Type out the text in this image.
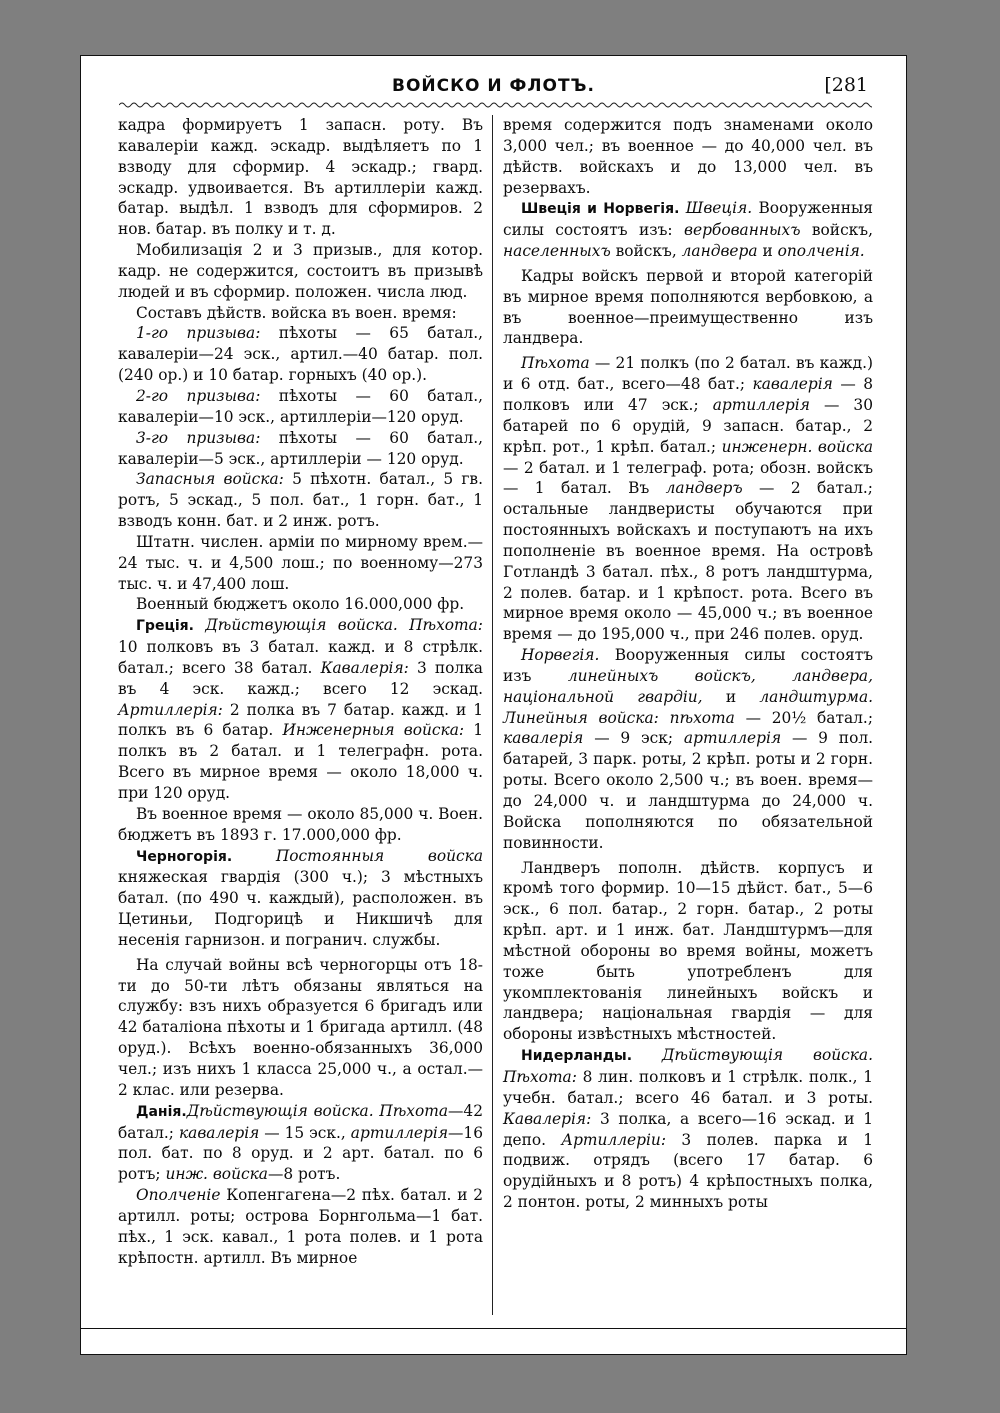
ВОЙСКО И ФЛОТЪ.	[281

кадра формируетъ 1 запасн. роту. Въ кавалеріи кажд. эскадр. выдѣляетъ по 1 взводу для сформир. 4 эскадр.; гвард. эскадр. удвоивается. Въ артиллеріи кажд. батар. выдѣл. 1 взводъ для сформиров. 2 нов. батар. въ полку и т. д.

Мобилизація 2 и 3 призыв., для котор. кадр. не содержится, состоитъ въ призывѣ людей и въ сформир. положен. числа люд.

Составъ дѣйств. войска въ воен. время:

1-го призыва: пѣхоты — 65 батал., кавалеріи—24 эск., артил.—40 батар. пол. (240 ор.) и 10 батар. горныхъ (40 ор.).

2-го призыва: пѣхоты — 60 батал., кавалеріи—10 эск., артиллеріи—120 оруд.

3-го призыва: пѣхоты — 60 батал., кавалеріи—5 эск., артиллеріи — 120 оруд.

Запасныя войска: 5 пѣхотн. батал., 5 гв. ротъ, 5 эскад., 5 пол. бат., 1 горн. бат., 1 взводъ конн. бат. и 2 инж. ротъ.

Штатн. числен. арміи по мирному врем.—24 тыс. ч. и 4,500 лош.; по военному—273 тыс. ч. и 47,400 лош.

Военный бюджетъ около 16.000,000 фр.

Греція. Дѣйствующія войска. Пѣхота: 10 полковъ въ 3 батал. кажд. и 8 стрѣлк. батал.; всего 38 батал. Кавалерія: 3 полка въ 4 эск. кажд.; всего 12 эскад. Артиллерія: 2 полка въ 7 батар. кажд. и 1 полкъ въ 6 батар. Инженерныя войска: 1 полкъ въ 2 батал. и 1 телеграфн. рота. Всего въ мирное время — около 18,000 ч. при 120 оруд.

Въ военное время — около 85,000 ч. Воен. бюджетъ въ 1893 г. 17.000,000 фр.

Черногорія.	Постоянныя войска княжеская гвардія (300 ч.); 3 мѣстныхъ батал. (по 490 ч. каждый), расположен. въ Цетиньи, Подгорицѣ и Никшичѣ для несенія гарнизон. и погранич. службы.

На случай войны всѣ черногорцы отъ 18-ти до 50-ти лѣтъ обязаны являться на службу: взъ нихъ образуется 6 бригадъ или 42 баталіона пѣхоты и 1 бригада артилл. (48 оруд.). Всѣхъ военно-обязанныхъ 36,000 чел.; изъ нихъ 1 класса 25,000 ч., а остал.—2 клас. или резерва.

Данія.Дѣйствующія войска. Пѣхота—42 батал.; кавалерія — 15 эск., артиллерія—16 пол. бат. по 8 оруд. и 2 арт. батал. по 6 ротъ; инж. войска—8 ротъ.

Ополченіе Копенгагена—2 пѣх. батал. и 2 артилл. роты; острова Борнгольма—1 бат. пѣх., 1 эск. кавал., 1 рота полев. и 1 рота крѣпостн. артилл. Въ мирное

время содержится подъ знаменами около 3,000 чел.; въ военное — до 40,000 чел. въ дѣйств. войскахъ и до 13,000 чел. въ резервахъ.

Швеція и Норвегія. Швеція. Вооруженныя силы состоятъ изъ: вербованныхъ войскъ, населенныхъ войскъ, ландвера и ополченія.

Кадры войскъ первой и второй категорій въ мирное время пополняются вербовкою, а въ военное—преимущественно изъ ландвера.

Пѣхота — 21 полкъ (по 2 батал. въ кажд.) и 6 отд. бат., всего—48 бат.; кавалерія — 8 полковъ или 47 эск.; артиллерія — 30 батарей по 6 орудій, 9 запасн. батар., 2 крѣп. рот., 1 крѣп. батал.; инженерн. войска — 2 батал. и 1 телеграф. рота; обозн. войскъ — 1 батал. Въ ландверъ — 2 батал.; остальные ландверисты обучаются при постоянныхъ войскахъ и поступаютъ на ихъ пополненіе въ военное время. На островѣ Готландѣ 3 батал. пѣх., 8 ротъ ландштурма, 2 полев. батар. и 1 крѣпост. рота. Всего въ мирное время около — 45,000 ч.; въ военное время — до 195,000 ч., при 246 полев. оруд.

Норвегія. Вооруженныя силы состоятъ изъ линейныхъ войскъ, ландвера, національной гвардіи, и ландштурма. Линейныя войска: пѣхота — 20½ батал.; кавалерія — 9 эск; артиллерія — 9 пол. батарей, 3 парк. роты, 2 крѣп. роты и 2 горн. роты. Всего около 2,500 ч.; въ воен. время—до 24,000 ч. и ландштурма до 24,000 ч. Войска пополняются по обязательной повинности.

Ландверъ пополн. дѣйств. корпусъ и кромѣ того формир. 10—15 дѣйст. бат., 5—6 эск., 6 пол. батар., 2 горн. батар., 2 роты крѣп. арт. и 1 инж. бат. Ландштурмъ—для мѣстной обороны во время войны, можетъ тоже быть употребленъ для укомплектованія линейныхъ войскъ и ландвера; національная гвардія — для обороны извѣстныхъ мѣстностей.

Нидерланды. Дѣйствующія войска. Пѣхота: 8 лин. полковъ и 1 стрѣлк. полк., 1 учебн. батал.; всего 46 батал. и 3 роты. Кавалерія: 3 полка, а всего—16 эскад. и 1 депо. Артиллеріи: 3 полев. парка и 1 подвиж. отрядъ (всего 17 батар. 6 орудійныхъ и 8 ротъ) 4 крѣпостныхъ полка, 2 понтон. роты, 2 минныхъ роты
